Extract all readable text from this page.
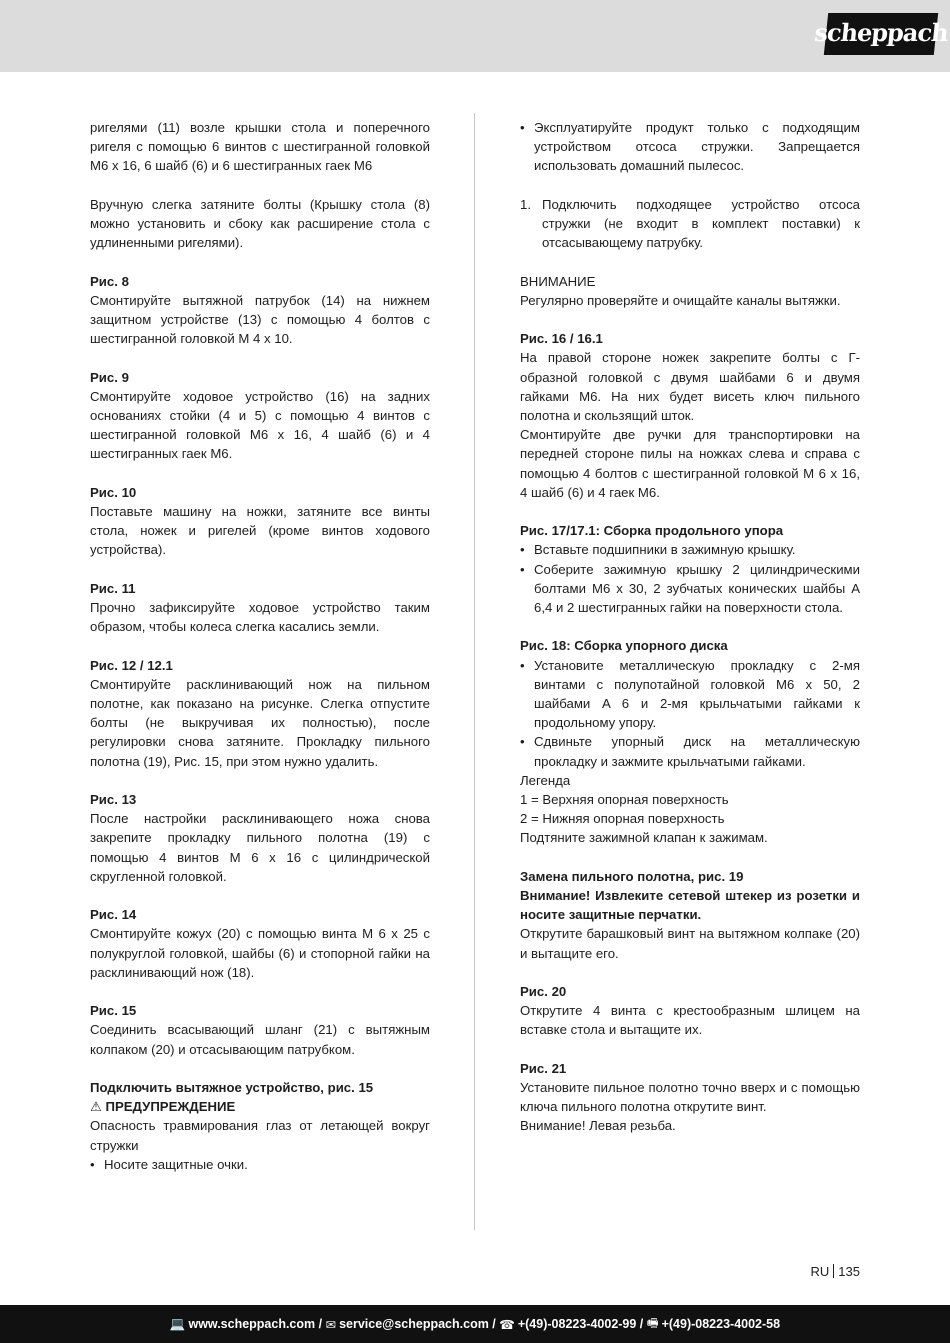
scheppach

ригелями (11) возле крышки стола и поперечного ригеля с помощью 6 винтов с шестигранной головкой M6 x 16, 6 шайб (6) и 6 шестигранных гаек M6

Вручную слегка затяните болты (Крышку стола (8) можно установить и сбоку как расширение стола с удлиненными ригелями).

Рис. 8

Смонтируйте вытяжной патрубок (14) на нижнем защитном устройстве (13) с помощью 4 болтов с шестигранной головкой M 4 x 10.

Рис. 9

Смонтируйте ходовое устройство (16) на задних основаниях стойки (4 и 5) с помощью 4 винтов с шестигранной головкой M6 x 16, 4 шайб (6) и 4 шестигранных гаек M6.

Рис. 10

Поставьте машину на ножки, затяните все винты стола, ножек и ригелей (кроме винтов ходового устройства).

Рис. 11

Прочно зафиксируйте ходовое устройство таким образом, чтобы колеса слегка касались земли.

Рис. 12 / 12.1

Смонтируйте расклинивающий нож на пильном полотне, как показано на рисунке. Слегка отпустите болты (не выкручивая их полностью), после регулировки снова затяните. Прокладку пильного полотна (19), Рис. 15, при этом нужно удалить.

Рис. 13

После настройки расклинивающего ножа снова закрепите прокладку пильного полотна (19) с помощью 4 винтов M 6 x 16 с цилиндрической скругленной головкой.

Рис. 14

Смонтируйте кожух (20) с помощью винта M 6 x 25 с полукруглой головкой, шайбы (6) и стопорной гайки на расклинивающий нож (18).

Рис. 15

Соединить всасывающий шланг (21) с вытяжным колпаком (20) и отсасывающим патрубком.

Подключить вытяжное устройство, рис. 15

⚠ ПРЕДУПРЕЖДЕНИЕ

Опасность травмирования глаз от летающей вокруг стружки

• Носите защитные очки.

• Эксплуатируйте продукт только с подходящим устройством отсоса стружки. Запрещается использовать домашний пылесос.

1. Подключить подходящее устройство отсоса стружки (не входит в комплект поставки) к отсасывающему патрубку.

ВНИМАНИЕ

Регулярно проверяйте и очищайте каналы вытяжки.

Рис. 16 / 16.1

На правой стороне ножек закрепите болты с Г-образной головкой с двумя шайбами 6 и двумя гайками M6. На них будет висеть ключ пильного полотна и скользящий шток.

Смонтируйте две ручки для транспортировки на передней стороне пилы на ножках слева и справа с помощью 4 болтов с шестигранной головкой M 6 x 16, 4 шайб (6) и 4 гаек M6.

Рис. 17/17.1: Сборка продольного упора

• Вставьте подшипники в зажимную крышку.

• Соберите зажимную крышку 2 цилиндрическими болтами M6 x 30, 2 зубчатых конических шайбы A 6,4 и 2 шестигранных гайки на поверхности стола.

Рис. 18: Сборка упорного диска

• Установите металлическую прокладку с 2-мя винтами с полупотайной головкой M6 x 50, 2 шайбами A 6 и 2-мя крыльчатыми гайками к продольному упору.

• Сдвиньте упорный диск на металлическую прокладку и зажмите крыльчатыми гайками.

Легенда

1 = Верхняя опорная поверхность

2 = Нижняя опорная поверхность

Подтяните зажимной клапан к зажимам.

Замена пильного полотна, рис. 19

Внимание! Извлеките сетевой штекер из розетки и носите защитные перчатки.

Открутите барашковый винт на вытяжном колпаке (20) и вытащите его.

Рис. 20

Открутите 4 винта с крестообразным шлицем на вставке стола и вытащите их.

Рис. 21

Установите пильное полотно точно вверх и с помощью ключа пильного полотна открутите винт.

Внимание! Левая резьба.

RU 135
💻 www.scheppach.com /
✉ service@scheppach.com /
☎ +(49)-08223-4002-99 /
🖷 +(49)-08223-4002-58
